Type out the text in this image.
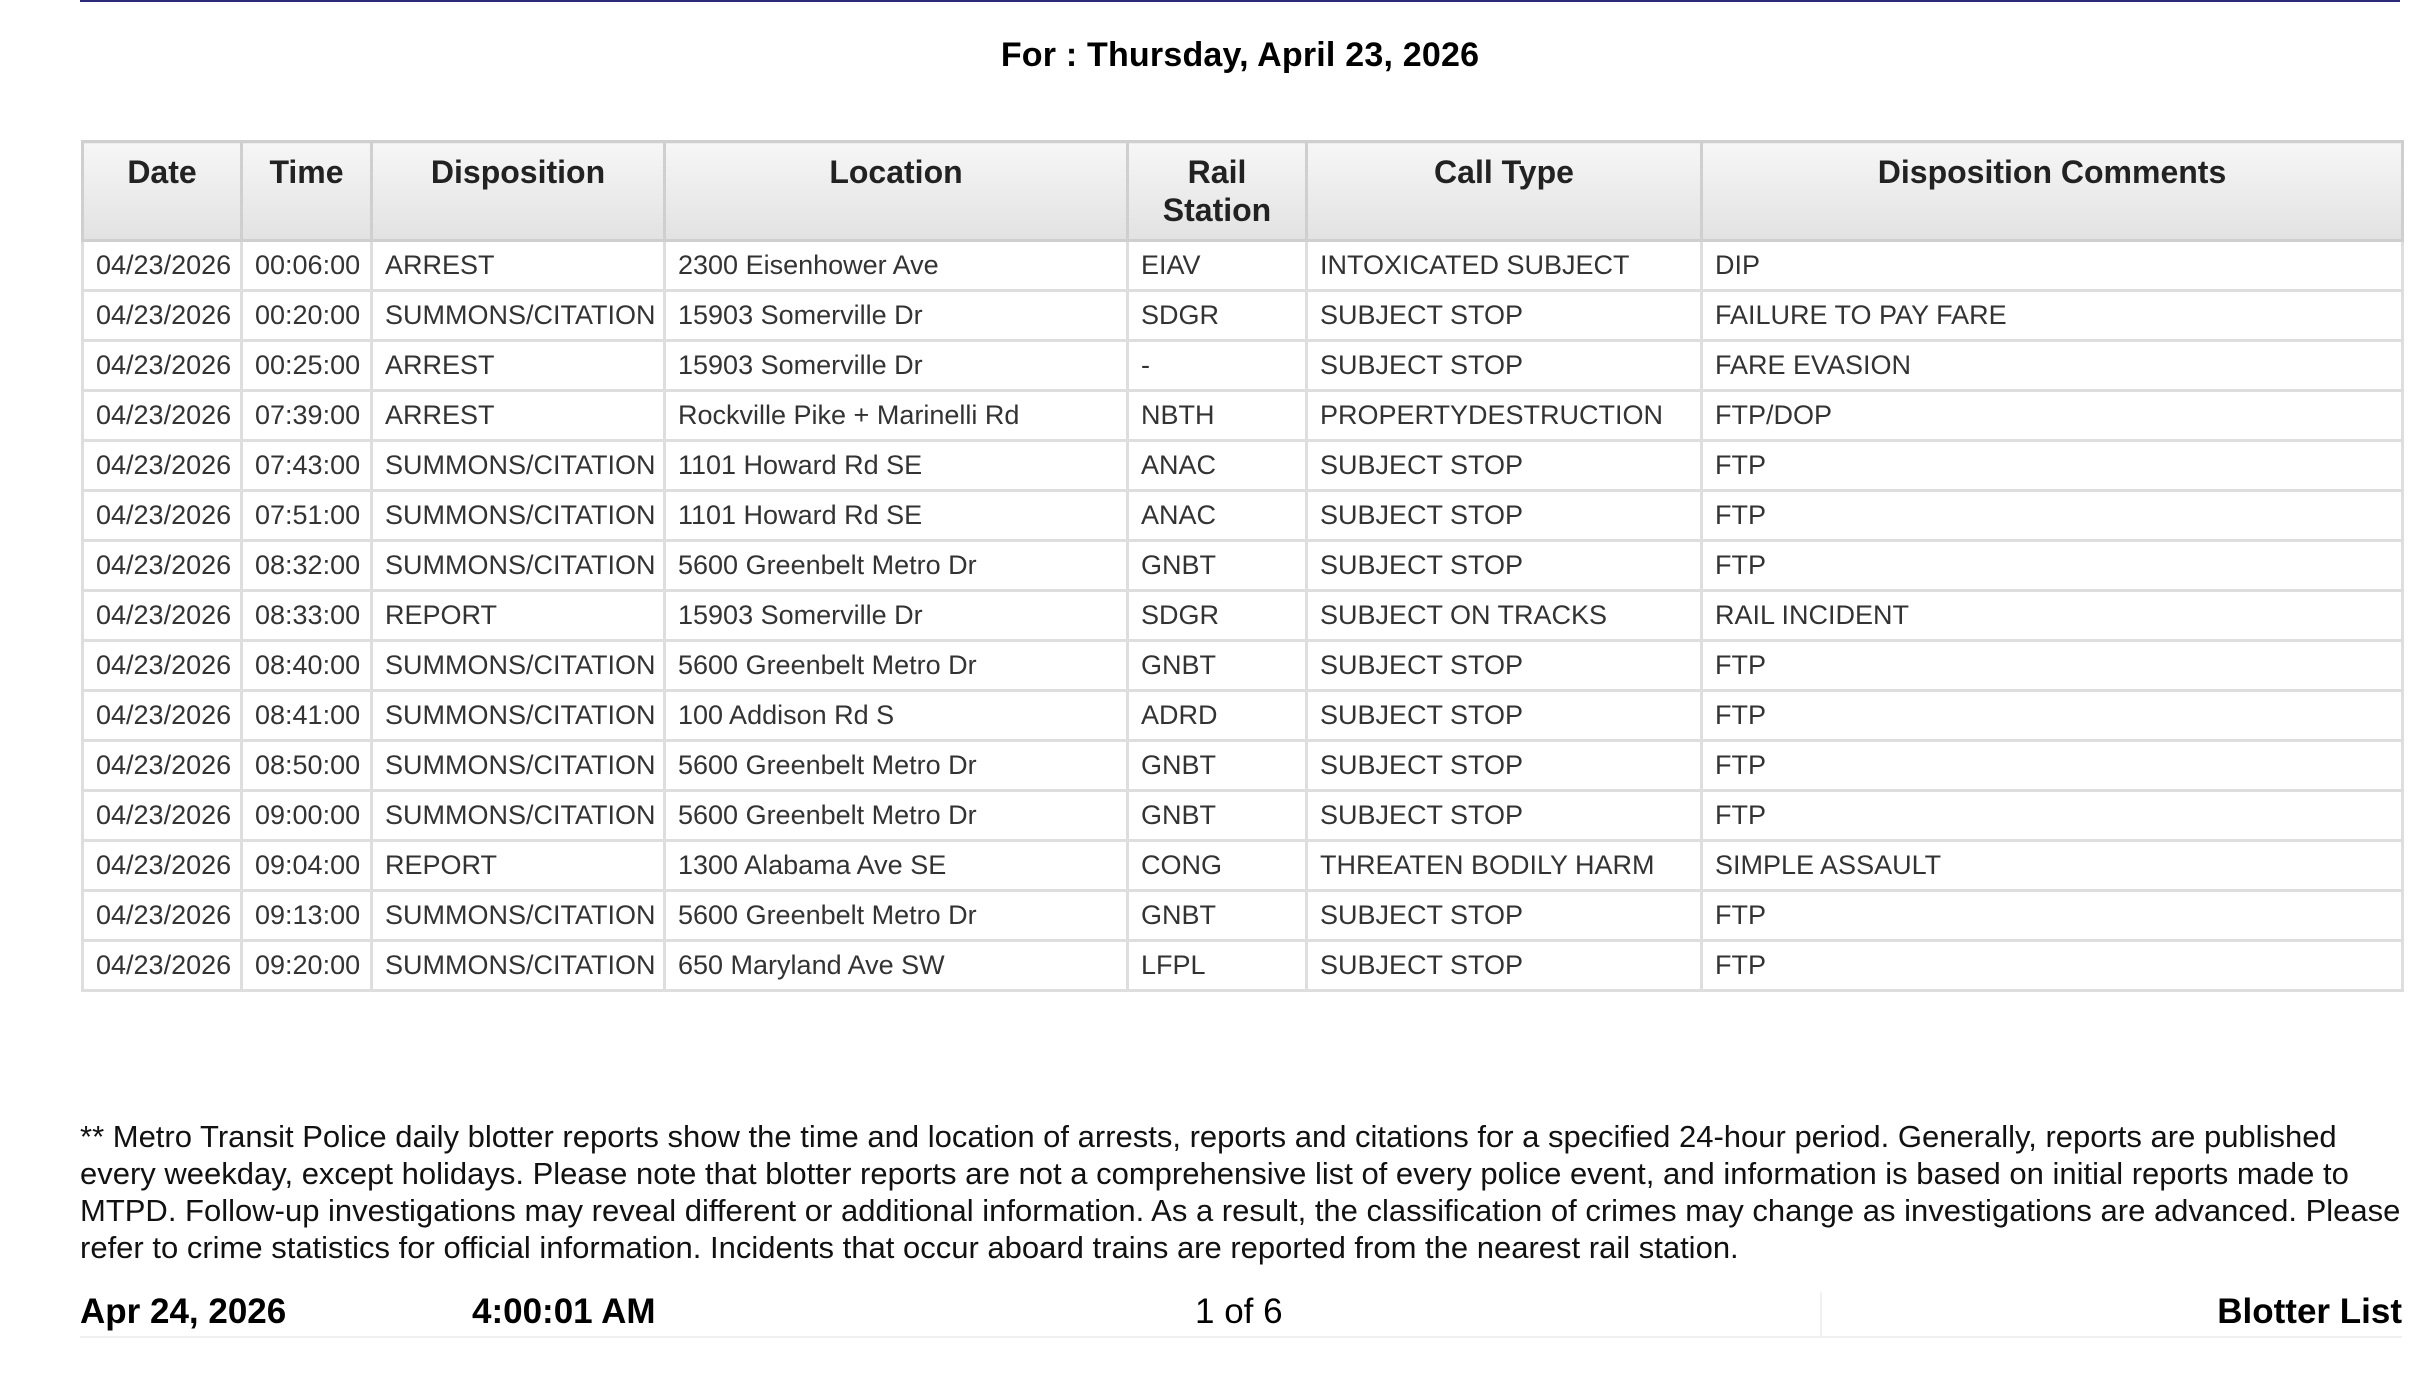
For : Thursday, April 23, 2026
Date	Time	Disposition	Location	Rail Station	Call Type	Disposition Comments
04/23/2026	00:06:00	ARREST	2300 Eisenhower Ave	EIAV	INTOXICATED SUBJECT	DIP
04/23/2026	00:20:00	SUMMONS/CITATION	15903 Somerville Dr	SDGR	SUBJECT STOP	FAILURE TO PAY FARE
04/23/2026	00:25:00	ARREST	15903 Somerville Dr	-	SUBJECT STOP	FARE EVASION
04/23/2026	07:39:00	ARREST	Rockville Pike + Marinelli Rd	NBTH	PROPERTYDESTRUCTION	FTP/DOP
04/23/2026	07:43:00	SUMMONS/CITATION	1101 Howard Rd SE	ANAC	SUBJECT STOP	FTP
04/23/2026	07:51:00	SUMMONS/CITATION	1101 Howard Rd SE	ANAC	SUBJECT STOP	FTP
04/23/2026	08:32:00	SUMMONS/CITATION	5600 Greenbelt Metro Dr	GNBT	SUBJECT STOP	FTP
04/23/2026	08:33:00	REPORT	15903 Somerville Dr	SDGR	SUBJECT ON TRACKS	RAIL INCIDENT
04/23/2026	08:40:00	SUMMONS/CITATION	5600 Greenbelt Metro Dr	GNBT	SUBJECT STOP	FTP
04/23/2026	08:41:00	SUMMONS/CITATION	100 Addison Rd S	ADRD	SUBJECT STOP	FTP
04/23/2026	08:50:00	SUMMONS/CITATION	5600 Greenbelt Metro Dr	GNBT	SUBJECT STOP	FTP
04/23/2026	09:00:00	SUMMONS/CITATION	5600 Greenbelt Metro Dr	GNBT	SUBJECT STOP	FTP
04/23/2026	09:04:00	REPORT	1300 Alabama Ave SE	CONG	THREATEN BODILY HARM	SIMPLE ASSAULT
04/23/2026	09:13:00	SUMMONS/CITATION	5600 Greenbelt Metro Dr	GNBT	SUBJECT STOP	FTP
04/23/2026	09:20:00	SUMMONS/CITATION	650 Maryland Ave SW	LFPL	SUBJECT STOP	FTP
** Metro Transit Police daily blotter reports show the time and location of arrests, reports and citations for a specified 24-hour period. Generally, reports are published every weekday, except holidays. Please note that blotter reports are not a comprehensive list of every police event, and information is based on initial reports made to MTPD. Follow-up investigations may reveal different or additional information. As a result, the classification of crimes may change as investigations are advanced. Please refer to crime statistics for official information. Incidents that occur aboard trains are reported from the nearest rail station.
Apr 24, 2026	4:00:01 AM	1 of 6	Blotter List
